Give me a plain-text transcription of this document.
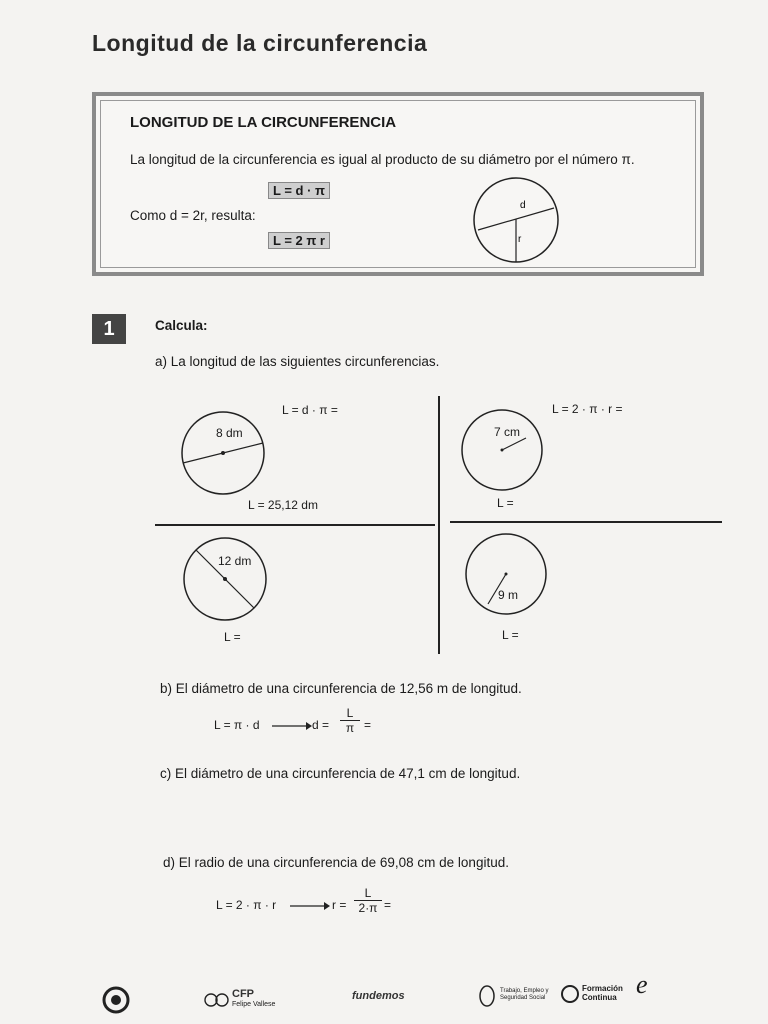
Longitud de la circunferencia
LONGITUD DE LA CIRCUNFERENCIA
La longitud de la circunferencia es igual al producto de su diámetro por el número π.
L = d · π
Como d = 2r, resulta:
L = 2 π r
d
r
1	Calcula:
a) La longitud de las siguientes circunferencias.
8 dm
L = d · π =
L = 25,12 dm
7 cm
L = 2 · π · r =
L =
12 dm
L =
9 m
L =
b) El diámetro de una circunferencia de 12,56 m de longitud.
L = π · d	$d = \frac{L}{\pi}$ =
c) El diámetro de una circunferencia de 47,1 cm de longitud.
d) El radio de una circunferencia de 69,08 cm de longitud.
L = 2 · π · r	$r = \frac{L}{2\cdot\pi}$ =
CFP
Felipe Vallese
fundemos	Trabajo, Empleo y Seguridad Social
Formación Continua e
